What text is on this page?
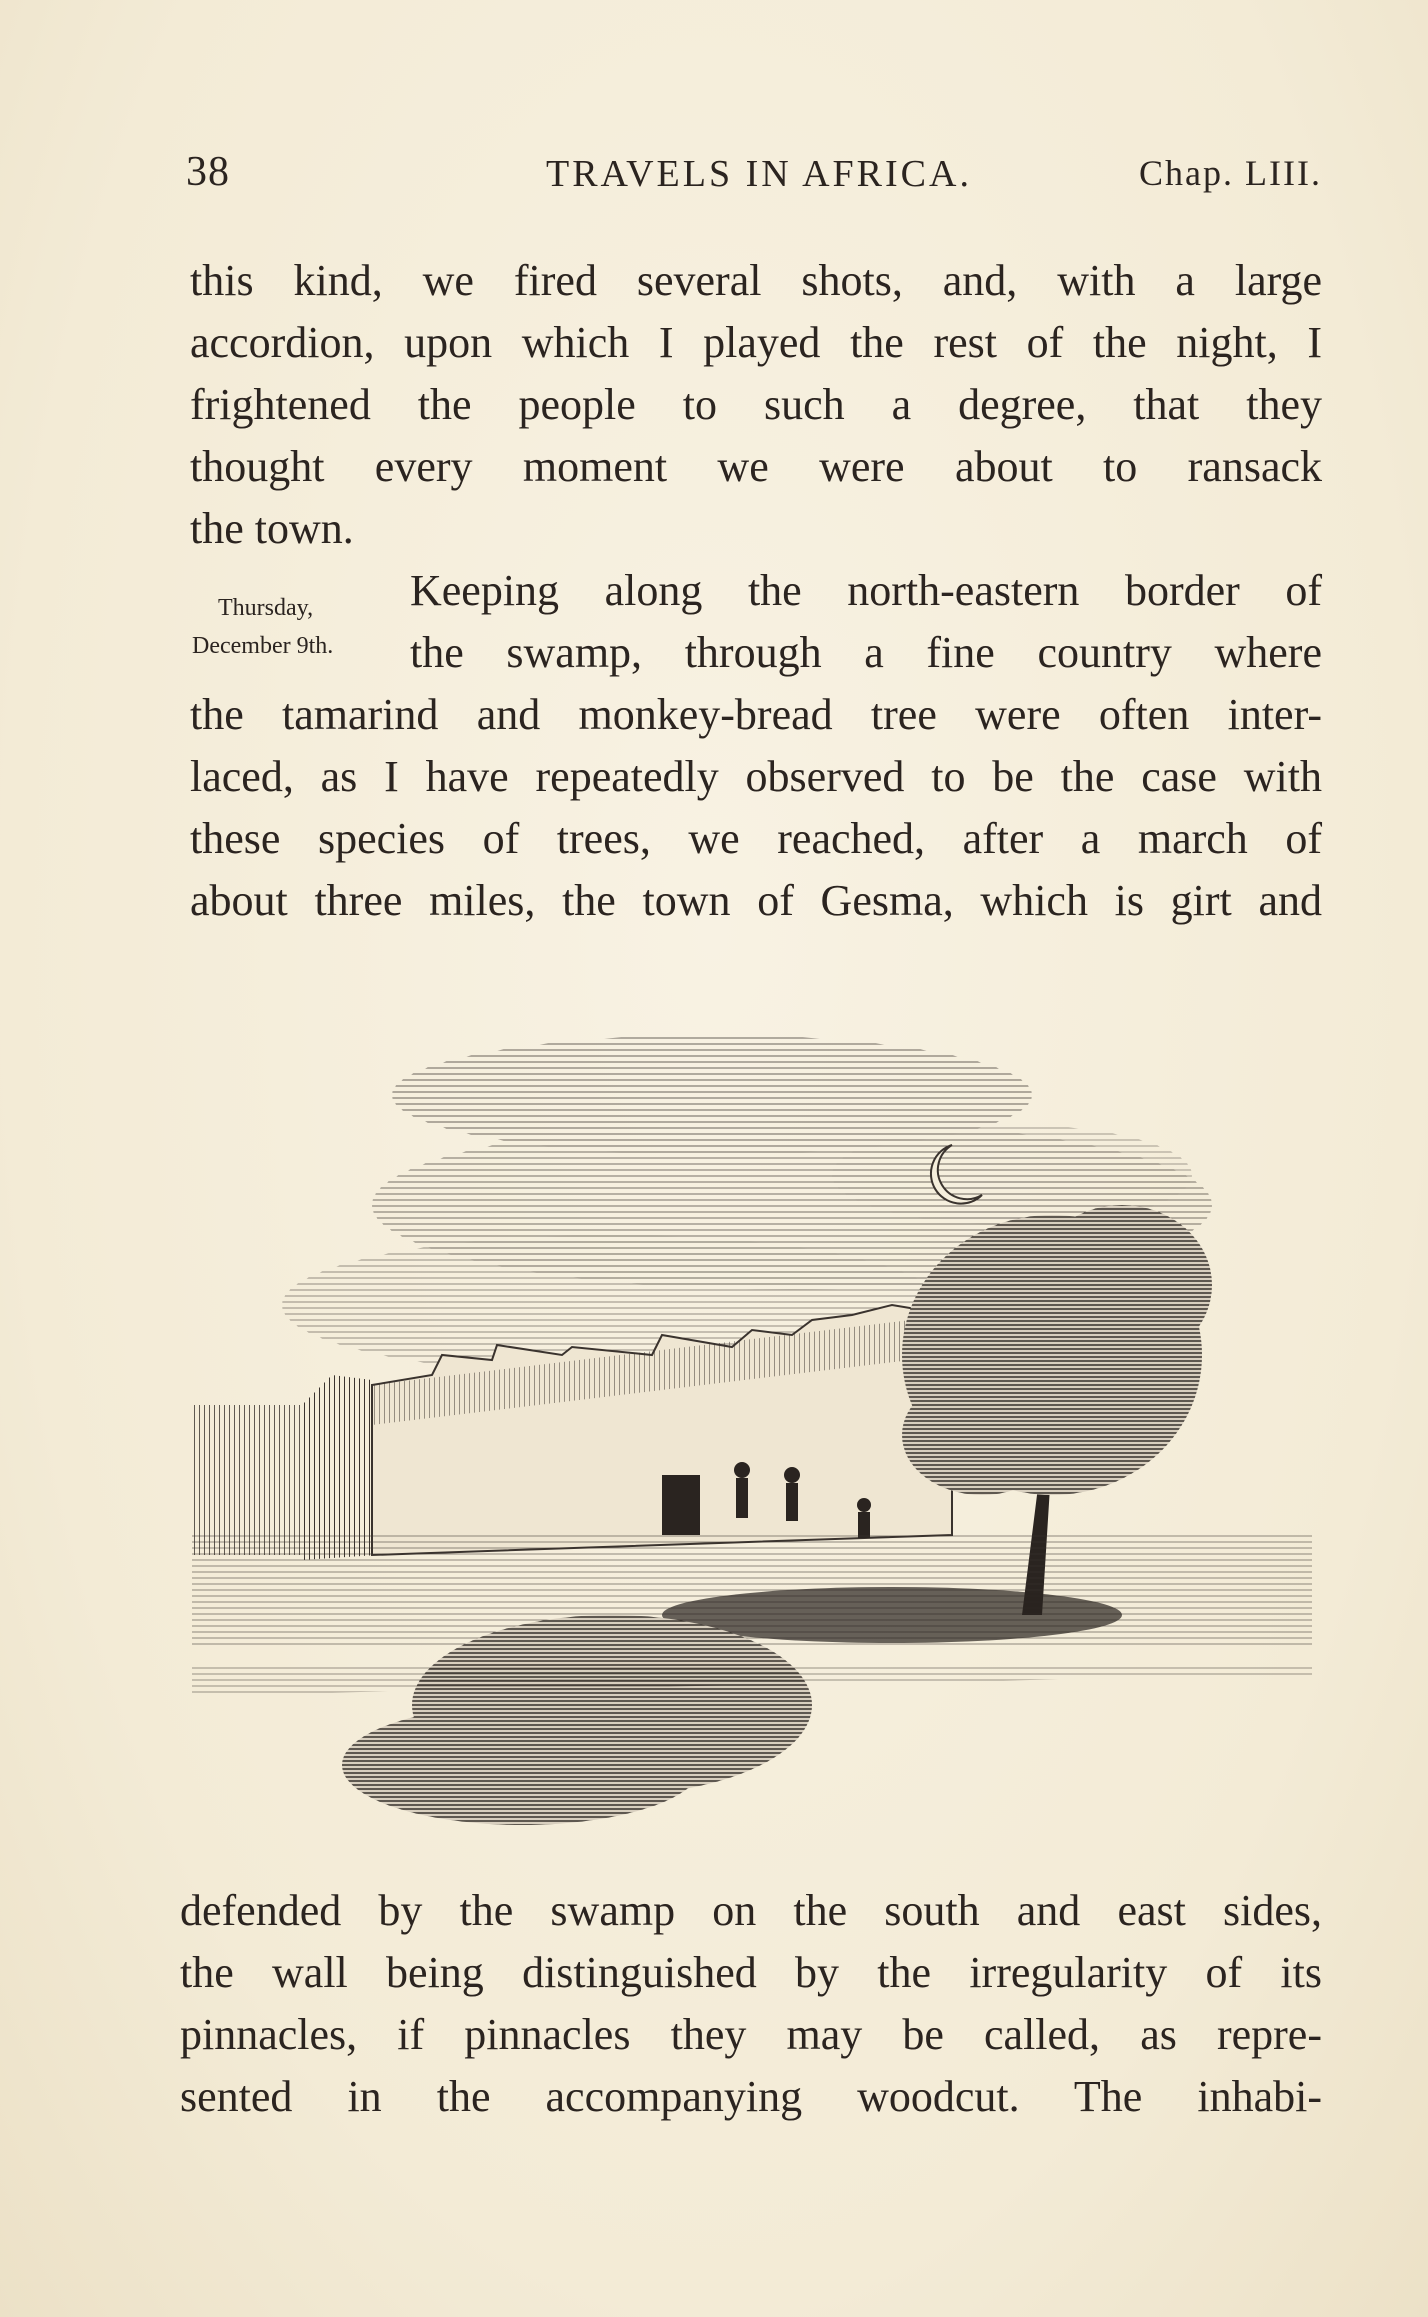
38	TRAVELS IN AFRICA.	Chap. LIII.
this kind, we fired several shots, and, with a large
accordion, upon which I played the rest of the night, I
frightened the people to such a degree, that they
thought every moment we were about to ransack
the town.
Thursday,
December 9th.
Keeping along the north-eastern border of
the swamp, through a fine country where
the tamarind and monkey-bread tree were often inter-
laced, as I have repeatedly observed to be the case with
these species of trees, we reached, after a march of
about three miles, the town of Gesma, which is girt and
defended by the swamp on the south and east sides,
the wall being distinguished by the irregularity of its
pinnacles, if pinnacles they may be called, as repre-
sented in the accompanying woodcut. The inhabi-
